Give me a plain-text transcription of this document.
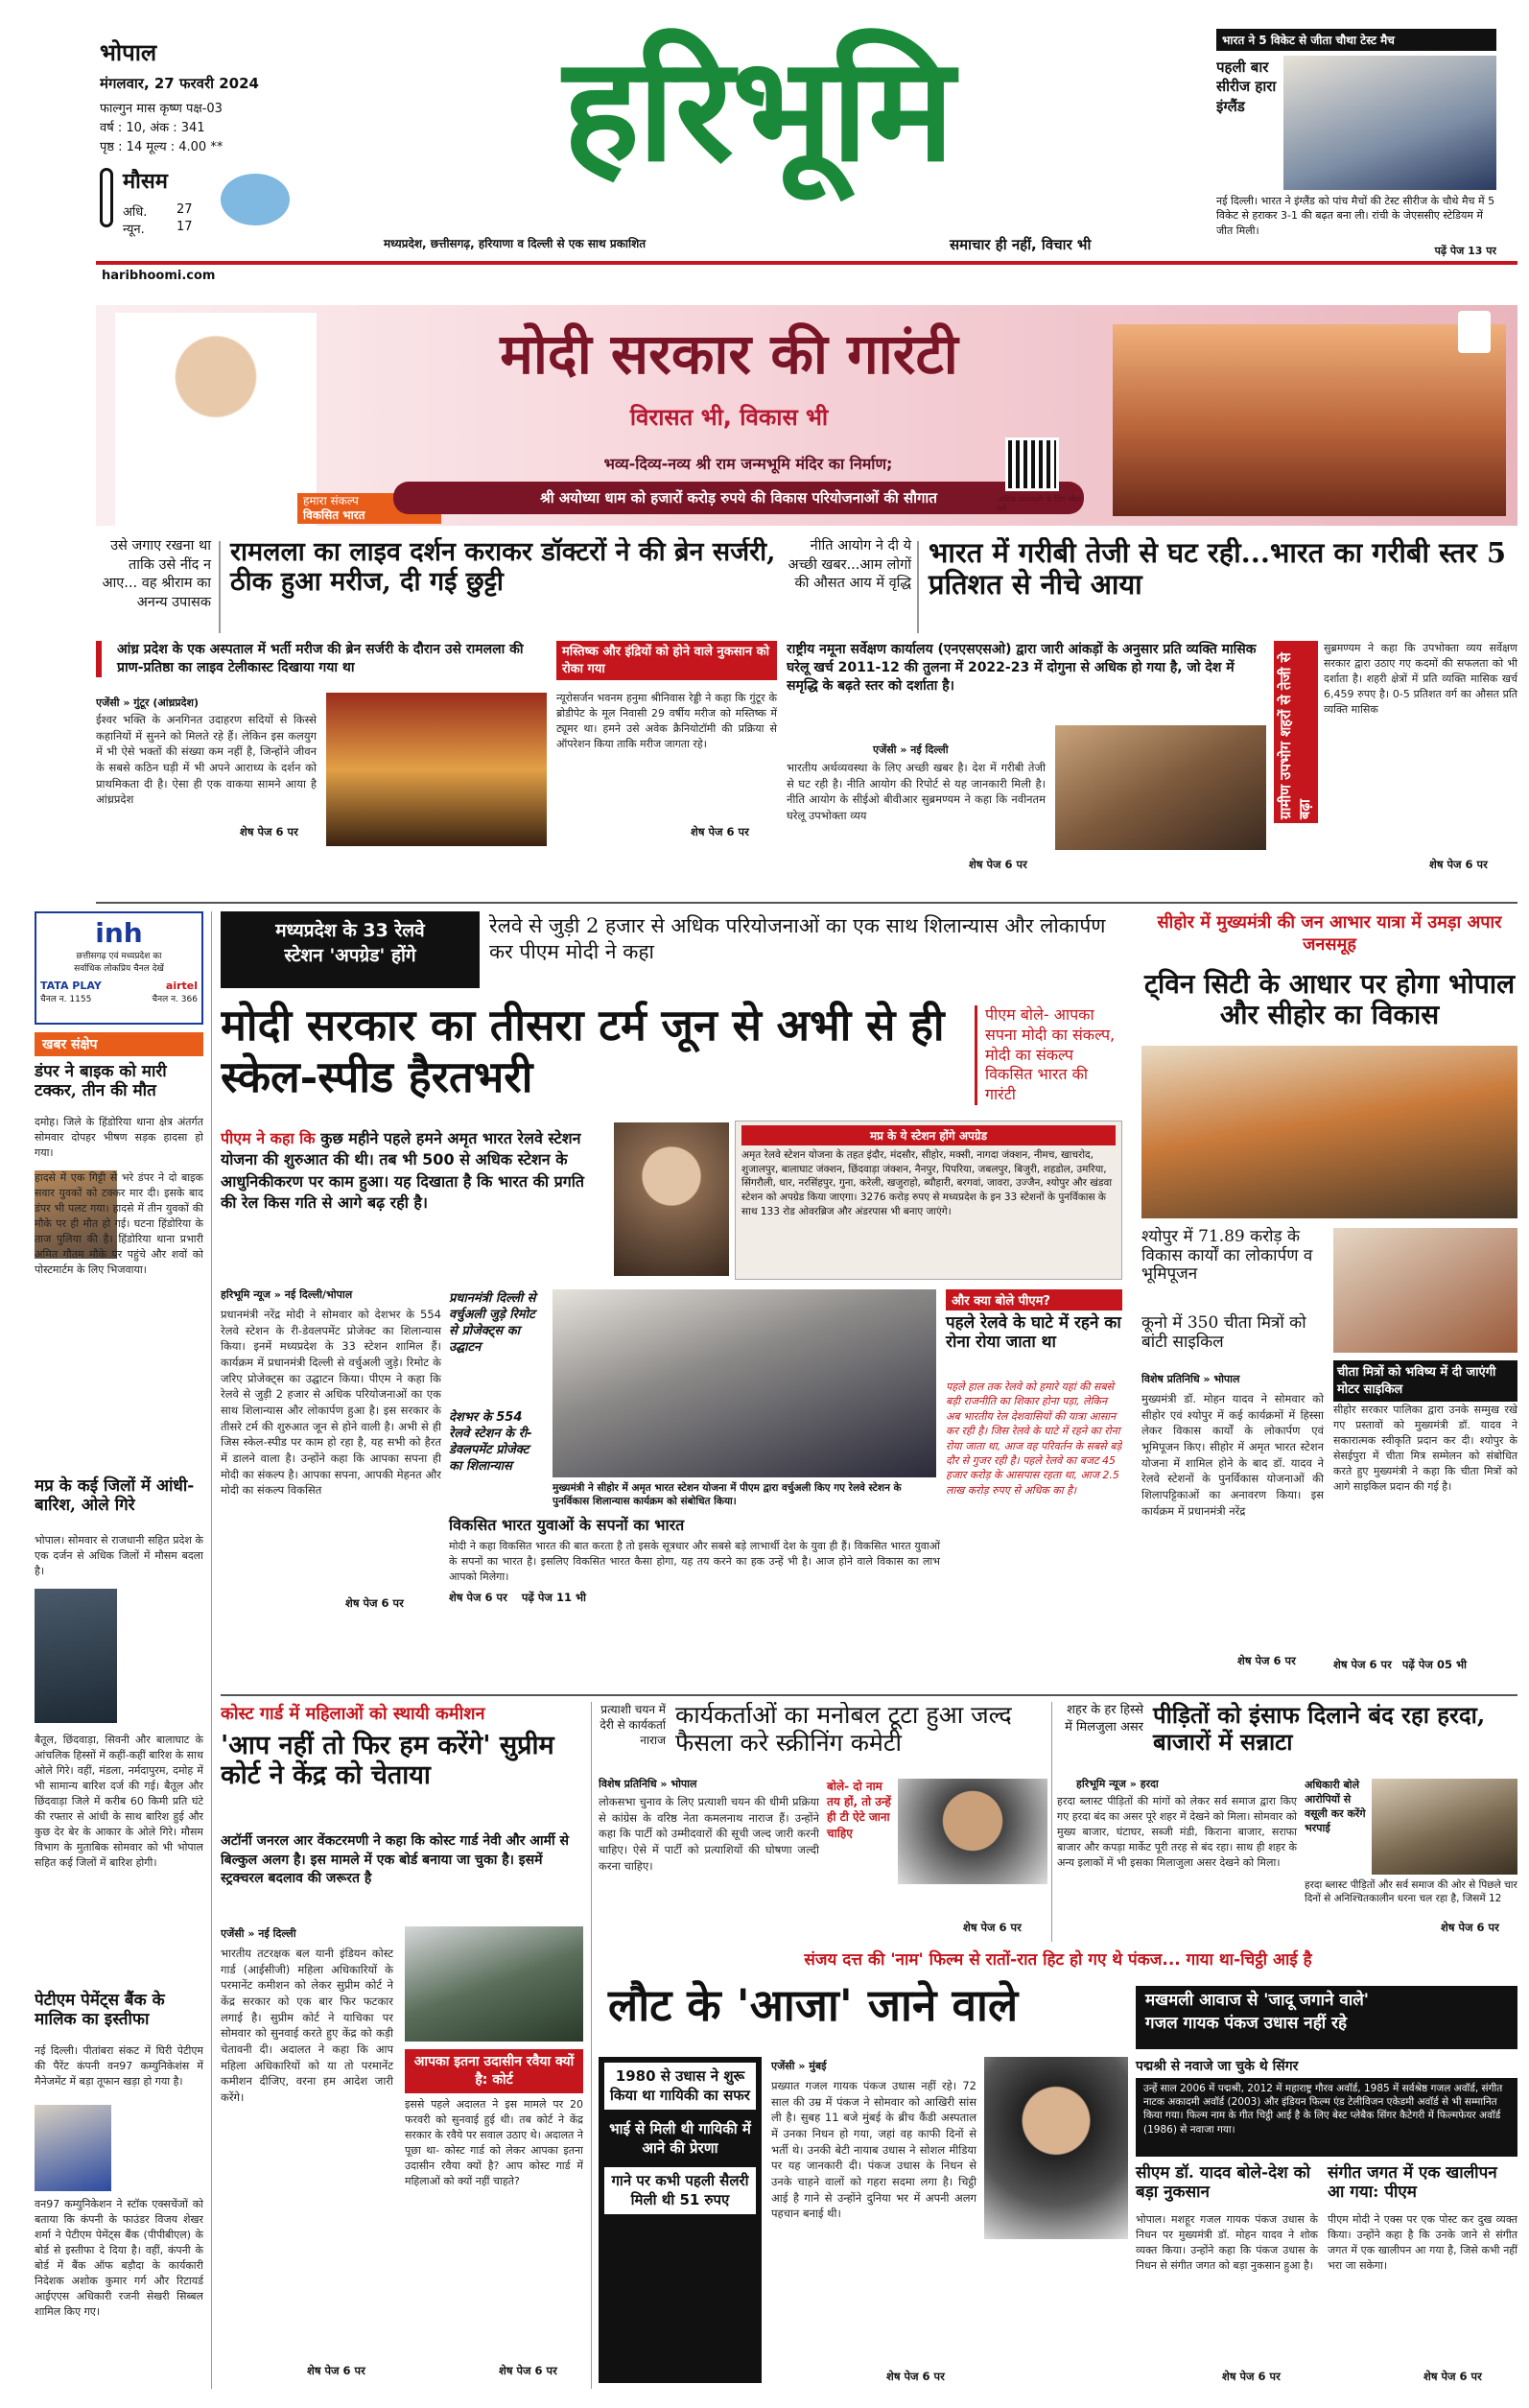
भोपाल
मंगलवार, 27 फरवरी 2024
फाल्गुन मास कृष्ण पक्ष-03
वर्ष : 10, अंक : 341
पृष्ठ : 14 मूल्य : 4.00 **
मौसम
अधि. 27
न्यून.	17
हरिभूमि
मध्यप्रदेश, छत्तीसगढ़, हरियाणा व दिल्ली से एक साथ प्रकाशित	समाचार ही नहीं, विचार भी
haribhoomi.com
भारत ने 5 विकेट से जीता चौथा टेस्ट मैच
पहली बार सीरीज हारा इंग्लैंड
नई दिल्ली। भारत ने इंग्लैंड को पांच मैचों की टेस्ट सीरीज के चौथे मैच में 5 विकेट से हराकर 3-1 की बढ़त बना ली। रांची के जेएससीए स्टेडियम में जीत मिली।
पढ़ें पेज 13 पर
हमारा संकल्प
विकसित भारत
मोदी सरकार की गारंटी
विरासत भी, विकास भी
भव्य-दिव्य-नव्य श्री राम जन्मभूमि मंदिर का निर्माण;
श्री अयोध्या धाम को हजारों करोड़ रुपये की विकास परियोजनाओं की सौगात	अधिक जानकारी के लिए स्कैन करें
उसे जगाए रखना था ताकि उसे नींद न आए... वह श्रीराम का अनन्य उपासक
रामलला का लाइव दर्शन कराकर डॉक्टरों ने की ब्रेन सर्जरी, ठीक हुआ मरीज, दी गई छुट्टी
आंध्र प्रदेश के एक अस्पताल में भर्ती मरीज की ब्रेन सर्जरी के दौरान उसे रामलला की प्राण-प्रतिष्ठा का लाइव टेलीकास्ट दिखाया गया था
एजेंसी » गुंटूर (आंध्रप्रदेश)
ईश्वर भक्ति के अनगिनत उदाहरण सदियों से किस्से कहानियों में सुनने को मिलते रहे हैं। लेकिन इस कलयुग में भी ऐसे भक्तों की संख्या कम नहीं है, जिन्होंने जीवन के सबसे कठिन घड़ी में भी अपने आराध्य के दर्शन को प्राथमिकता दी है। ऐसा ही एक वाकया सामने आया है आंध्रप्रदेश
शेष पेज 6 पर
मस्तिष्क और इंद्रियों को होने वाले नुकसान को रोका गया
न्यूरोसर्जन भवनम हनुमा श्रीनिवास रेड्डी ने कहा कि गुंटूर के ब्रोडीपेट के मूल निवासी 29 वर्षीय मरीज को मस्तिष्क में ट्यूमर था। हमने उसे अवेक क्रैनियोटॉमी की प्रक्रिया से ऑपरेशन किया ताकि मरीज जागता रहे।
शेष पेज 6 पर
नीति आयोग ने दी ये अच्छी खबर...आम लोगों की औसत आय में वृद्धि
भारत में गरीबी तेजी से घट रही...भारत का गरीबी स्तर 5 प्रतिशत से नीचे आया
राष्ट्रीय नमूना सर्वेक्षण कार्यालय (एनएसएसओ) द्वारा जारी आंकड़ों के अनुसार प्रति व्यक्ति मासिक घरेलू खर्च 2011-12 की तुलना में 2022-23 में दोगुना से अधिक हो गया है, जो देश में समृद्धि के बढ़ते स्तर को दर्शाता है।
एजेंसी » नई दिल्ली
भारतीय अर्थव्यवस्था के लिए अच्छी खबर है। देश में गरीबी तेजी से घट रही है। नीति आयोग की रिपोर्ट से यह जानकारी मिली है। नीति आयोग के सीईओ बीवीआर सुब्रमण्यम ने कहा कि नवीनतम घरेलू उपभोक्ता व्यय
शेष पेज 6 पर
ग्रामीण उपभोग शहरों से तेजी से बढ़ा
सुब्रमण्यम ने कहा कि उपभोक्ता व्यय सर्वेक्षण सरकार द्वारा उठाए गए कदमों की सफलता को भी दर्शाता है। शहरी क्षेत्रों में प्रति व्यक्ति मासिक खर्च 6,459 रुपए है। 0-5 प्रतिशत वर्ग का औसत प्रति व्यक्ति मासिक
शेष पेज 6 पर
inh
छत्तीसगढ़ एवं मध्यप्रदेश का
सर्वाधिक लोकप्रिय चैनल देखें
TATA PLAY	airtel
चैनल न. 1155	चैनल न. 366
खबर संक्षेप
डंपर ने बाइक को मारी टक्कर, तीन की मौत
दमोह। जिले के हिंडोरिया थाना क्षेत्र अंतर्गत सोमवार दोपहर भीषण सड़क हादसा हो गया।
हादसे में एक गिट्टी से भरे डंपर ने दो बाइक सवार युवकों को टक्कर मार दी। इसके बाद डंपर भी पलट गया। हादसे में तीन युवकों की मौके पर ही मौत हो गई। घटना हिंडोरिया के ताज पुलिया की है। हिंडोरिया थाना प्रभारी अमित गौतम मौके पर पहुंचे और शवों को पोस्टमार्टम के लिए भिजवाया।
मप्र के कई जिलों में आंधी-बारिश, ओले गिरे
भोपाल। सोमवार से राजधानी सहित प्रदेश के एक दर्जन से अधिक जिलों में मौसम बदला है।
बैतूल, छिंदवाड़ा, सिवनी और बालाघाट के आंचलिक हिस्सों में कहीं-कहीं बारिश के साथ ओले गिरे। वहीं, मंडला, नर्मदापुरम, दमोह में भी सामान्य बारिश दर्ज की गई। बैतूल और छिंदवाड़ा जिले में करीब 60 किमी प्रति घंटे की रफ्तार से आंधी के साथ बारिश हुई और कुछ देर बेर के आकार के ओले गिरे। मौसम विभाग के मुताबिक सोमवार को भी भोपाल सहित कई जिलों में बारिश होगी।
पेटीएम पेमेंट्स बैंक के मालिक का इस्तीफा
नई दिल्ली। पीतांबरा संकट में घिरी पेटीएम की पैरेंट कंपनी वन97 कम्युनिकेशंस में मैनेजमेंट में बड़ा तूफान खड़ा हो गया है।
वन97 कम्युनिकेशन ने स्टॉक एक्सचेंजों को बताया कि कंपनी के फाउंडर विजय शेखर शर्मा ने पेटीएम पेमेंट्स बैंक (पीपीबीएल) के बोर्ड से इस्तीफा दे दिया है। वहीं, कंपनी के बोर्ड में बैंक ऑफ बड़ौदा के कार्यकारी निदेशक अशोक कुमार गर्ग और रिटायर्ड आईएएस अधिकारी रजनी सेखरी सिब्बल शामिल किए गए।
मध्यप्रदेश के 33 रेलवे
स्टेशन 'अपग्रेड' होंगे
रेलवे से जुड़ी 2 हजार से अधिक परियोजनाओं का एक साथ शिलान्यास और लोकार्पण कर पीएम मोदी ने कहा
मोदी सरकार का तीसरा टर्म जून से अभी से ही स्केल-स्पीड हैरतभरी
पीएम बोले- आपका सपना मोदी का संकल्प, मोदी का संकल्प विकसित भारत की गारंटी
पीएम ने कहा कि कुछ महीने पहले हमने अमृत भारत रेलवे स्टेशन योजना की शुरुआत की थी। तब भी 500 से अधिक स्टेशन के आधुनिकीकरण पर काम हुआ। यह दिखाता है कि भारत की प्रगति की रेल किस गति से आगे बढ़ रही है।
मप्र के ये स्टेशन होंगे अपग्रेड
अमृत रेलवे स्टेशन योजना के तहत इंदौर, मंदसौर, सीहोर, मक्सी, नागदा जंक्शन, नीमच, खाचरोद, शुजालपुर, बालाघाट जंक्शन, छिंदवाड़ा जंक्शन, नैनपुर, पिपरिया, जबलपुर, बिजुरी, शहडोल, उमरिया, सिंगरौली, धार, नरसिंहपुर, गुना, करेली, खजुराहो, ब्यौहारी, बरगवां, जावरा, उज्जैन, श्योपुर और खंडवा स्टेशन को अपग्रेड किया जाएगा। 3276 करोड़ रुपए से मध्यप्रदेश के इन 33 स्टेशनों के पुनर्विकास के साथ 133 रोड ओवरब्रिज और अंडरपास भी बनाए जाएंगे।
हरिभूमि न्यूज » नई दिल्ली/भोपाल
प्रधानमंत्री नरेंद्र मोदी ने सोमवार को देशभर के 554 रेलवे स्टेशन के री-डेवलपमेंट प्रोजेक्ट का शिलान्यास किया। इनमें मध्यप्रदेश के 33 स्टेशन शामिल हैं। कार्यक्रम में प्रधानमंत्री दिल्ली से वर्चुअली जुड़े। रिमोट के जरिए प्रोजेक्ट्स का उद्घाटन किया। पीएम ने कहा कि रेलवे से जुड़ी 2 हजार से अधिक परियोजनाओं का एक साथ शिलान्यास और लोकार्पण हुआ है। इस सरकार के तीसरे टर्म की शुरुआत जून से होने वाली है। अभी से ही जिस स्केल-स्पीड पर काम हो रहा है, यह सभी को हैरत में डालने वाला है। उन्होंने कहा कि आपका सपना ही मोदी का संकल्प है। आपका सपना, आपकी मेहनत और मोदी का संकल्प विकसित
शेष पेज 6 पर
प्रधानमंत्री दिल्ली से वर्चुअली जुड़े रिमोट से प्रोजेक्ट्स का उद्घाटन
देशभर के 554 रेलवे स्टेशन के री-डेवलपमेंट प्रोजेक्ट का शिलान्यास
मुख्यमंत्री ने सीहोर में अमृत भारत स्टेशन योजना में पीएम द्वारा वर्चुअली किए गए रेलवे स्टेशन के पुनर्विकास शिलान्यास कार्यक्रम को संबोधित किया।
और क्या बोले पीएम?
पहले रेलवे के घाटे में रहने का रोना रोया जाता था
पहले हाल तक रेलवे को हमारे यहां की सबसे बड़ी राजनीति का शिकार होना पड़ा, लेकिन अब भारतीय रेल देशवासियों की यात्रा आसान कर रही है। जिस रेलवे के घाटे में रहने का रोना रोया जाता था, आज वह परिवर्तन के सबसे बड़े दौर से गुजर रही है। पहले रेलवे का बजट 45 हजार करोड़ के आसपास रहता था, आज 2.5 लाख करोड़ रुपए से अधिक का है।
विकसित भारत युवाओं के सपनों का भारत
मोदी ने कहा विकसित भारत की बात करता है तो इसके सूत्रधार और सबसे बड़े लाभार्थी देश के युवा ही हैं। विकसित भारत युवाओं के सपनों का भारत है। इसलिए विकसित भारत कैसा होगा, यह तय करने का हक उन्हें भी है। आज होने वाले विकास का लाभ आपको मिलेगा।
शेष पेज 6 पर पढ़ें पेज 11 भी
सीहोर में मुख्यमंत्री की जन आभार यात्रा में उमड़ा अपार जनसमूह
ट्विन सिटी के आधार पर होगा भोपाल और सीहोर का विकास
श्योपुर में 71.89 करोड़ के विकास कार्यों का लोकार्पण व भूमिपूजन
कूनो में 350 चीता मित्रों को बांटी साइकिल
विशेष प्रतिनिधि » भोपाल
मुख्यमंत्री डॉ. मोहन यादव ने सोमवार को सीहोर एवं श्योपुर में कई कार्यक्रमों में हिस्सा लेकर विकास कार्यों के लोकार्पण एवं भूमिपूजन किए। सीहोर में अमृत भारत स्टेशन योजना में शामिल होने के बाद डॉ. यादव ने रेलवे स्टेशनों के पुनर्विकास योजनाओं की शिलापट्टिकाओं का अनावरण किया। इस कार्यक्रम में प्रधानमंत्री नरेंद्र
शेष पेज 6 पर
चीता मित्रों को भविष्य में दी जाएंगी मोटर साइकिल
सीहोर सरकार पालिका द्वारा उनके सम्मुख रखे गए प्रस्तावों को मुख्यमंत्री डॉ. यादव ने सकारात्मक स्वीकृति प्रदान कर दी। श्योपुर के सेसईपुरा में चीता मित्र सम्मेलन को संबोधित करते हुए मुख्यमंत्री ने कहा कि चीता मित्रों को आगे साइकिल प्रदान की गई है।
शेष पेज 6 पर पढ़ें पेज 05 भी
कोस्ट गार्ड में महिलाओं को स्थायी कमीशन
'आप नहीं तो फिर हम करेंगे' सुप्रीम कोर्ट ने केंद्र को चेताया
अटॉर्नी जनरल आर वेंकटरमणी ने कहा कि कोस्ट गार्ड नेवी और आर्मी से बिल्कुल अलग है। इस मामले में एक बोर्ड बनाया जा चुका है। इसमें स्ट्रक्चरल बदलाव की जरूरत है
एजेंसी » नई दिल्ली
भारतीय तटरक्षक बल यानी इंडियन कोस्ट गार्ड (आईसीजी) महिला अधिकारियों के परमानेंट कमीशन को लेकर सुप्रीम कोर्ट ने केंद्र सरकार को एक बार फिर फटकार लगाई है। सुप्रीम कोर्ट ने याचिका पर सोमवार को सुनवाई करते हुए केंद्र को कड़ी चेतावनी दी। अदालत ने कहा कि आप महिला अधिकारियों को या तो परमानेंट कमीशन दीजिए, वरना हम आदेश जारी करेंगे।
शेष पेज 6 पर
आपका इतना उदासीन रवैया क्यों है: कोर्ट
इससे पहले अदालत ने इस मामले पर 20 फरवरी को सुनवाई हुई थी। तब कोर्ट ने केंद्र सरकार के रवैये पर सवाल उठाए थे। अदालत ने पूछा था- कोस्ट गार्ड को लेकर आपका इतना उदासीन रवैया क्यों है? आप कोस्ट गार्ड में महिलाओं को क्यों नहीं चाहते?
शेष पेज 6 पर
प्रत्याशी चयन में देरी से कार्यकर्ता नाराज
कार्यकर्ताओं का मनोबल टूटा हुआ जल्द फैसला करे स्क्रीनिंग कमेटी
विशेष प्रतिनिधि » भोपाल
लोकसभा चुनाव के लिए प्रत्याशी चयन की धीमी प्रक्रिया से कांग्रेस के वरिष्ठ नेता कमलनाथ नाराज हैं। उन्होंने कहा कि पार्टी को उम्मीदवारों की सूची जल्द जारी करनी चाहिए। ऐसे में पार्टी को प्रत्याशियों की घोषणा जल्दी करना चाहिए।
बोले- दो नाम तय हों, तो उन्हें ही टी ऐटे जाना चाहिए
शेष पेज 6 पर
शहर के हर हिस्से में मिलजुला असर पीड़ितों को इंसाफ दिलाने बंद रहा हरदा, बाजारों में सन्नाटा
हरिभूमि न्यूज » हरदा
हरदा ब्लास्ट पीड़ितों की मांगों को लेकर सर्व समाज द्वारा किए गए हरदा बंद का असर पूरे शहर में देखने को मिला। सोमवार को मुख्य बाजार, घंटाघर, सब्जी मंडी, किराना बाजार, सराफा बाजार और कपड़ा मार्केट पूरी तरह से बंद रहा। साथ ही शहर के अन्य इलाकों में भी इसका मिलाजुला असर देखने को मिला।
अधिकारी बोले आरोपियों से वसूली कर करेंगे भरपाई
हरदा ब्लास्ट पीड़ितों और सर्व समाज की ओर से पिछले चार दिनों से अनिश्चितकालीन धरना चल रहा है, जिसमें 12
शेष पेज 6 पर
संजय दत्त की 'नाम' फिल्म से रातों-रात हिट हो गए थे पंकज... गाया था-चिट्ठी आई है
लौट के 'आजा' जाने वाले	मखमली आवाज से 'जादू जगाने वाले'
गजल गायक पंकज उधास नहीं रहे
पद्मश्री से नवाजे जा चुके थे सिंगर
उन्हें साल 2006 में पद्मश्री, 2012 में महाराष्ट्र गौरव अवॉर्ड, 1985 में सर्वश्रेष्ठ गजल अवॉर्ड, संगीत नाटक अकादमी अवॉर्ड (2003) और इंडियन फिल्म एंड टेलीविजन एकेडमी अवॉर्ड से भी सम्मानित किया गया। फिल्म नाम के गीत चिट्ठी आई है के लिए बेस्ट प्लेबैक सिंगर कैटेगरी में फिल्मफेयर अवॉर्ड (1986) से नवाजा गया।
1980 से उधास ने शुरू किया था गायिकी का सफर
भाई से मिली थी गायिकी में आने की प्रेरणा
गाने पर कभी पहली सैलरी मिली थी 51 रुपए
एजेंसी » मुंबई
प्रख्यात गजल गायक पंकज उधास नहीं रहे। 72 साल की उम्र में पंकज ने सोमवार को आखिरी सांस ली है। सुबह 11 बजे मुंबई के ब्रीच कैंडी अस्पताल में उनका निधन हो गया, जहां वह काफी दिनों से भर्ती थे। उनकी बेटी नायाब उधास ने सोशल मीडिया पर यह जानकारी दी। पंकज उधास के निधन से उनके चाहने वालों को गहरा सदमा लगा है। चिट्ठी आई है गाने से उन्होंने दुनिया भर में अपनी अलग पहचान बनाई थी।
शेष पेज 6 पर
सीएम डॉ. यादव बोले-देश को बड़ा नुकसान
भोपाल। मशहूर गजल गायक पंकज उधास के निधन पर मुख्यमंत्री डॉ. मोहन यादव ने शोक व्यक्त किया। उन्होंने कहा कि पंकज उधास के निधन से संगीत जगत को बड़ा नुकसान हुआ है।
शेष पेज 6 पर
संगीत जगत में एक खालीपन आ गया: पीएम
पीएम मोदी ने एक्स पर एक पोस्ट कर दुख व्यक्त किया। उन्होंने कहा है कि उनके जाने से संगीत जगत में एक खालीपन आ गया है, जिसे कभी नहीं भरा जा सकेगा।
शेष पेज 6 पर
